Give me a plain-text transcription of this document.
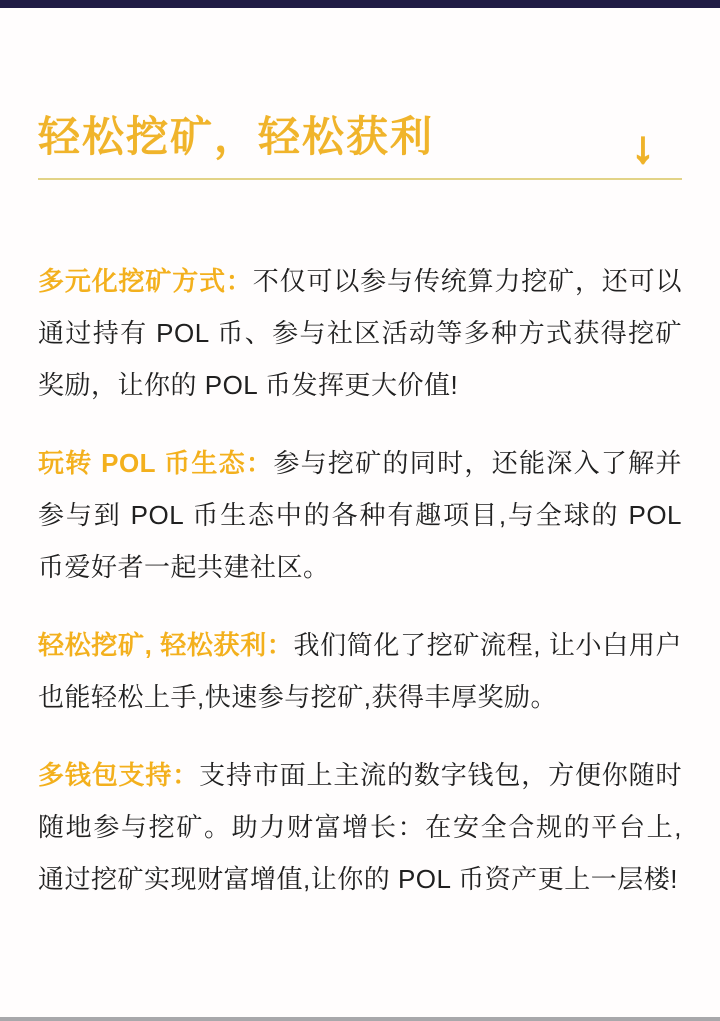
轻松挖矿，轻松获利	↓

多元化挖矿方式：不仅可以参与传统算力挖矿，还可以通过持有 POL 币、参与社区活动等多种方式获得挖矿奖励，让你的 POL 币发挥更大价值!

玩转 POL 币生态：参与挖矿的同时，还能深入了解并参与到 POL 币生态中的各种有趣项目,与全球的 POL 币爱好者一起共建社区。

轻松挖矿, 轻松获利：我们简化了挖矿流程, 让小白用户也能轻松上手,快速参与挖矿,获得丰厚奖励。

多钱包支持：支持市面上主流的数字钱包，方便你随时随地参与挖矿。助力财富增长：在安全合规的平台上, 通过挖矿实现财富增值,让你的 POL 币资产更上一层楼!
